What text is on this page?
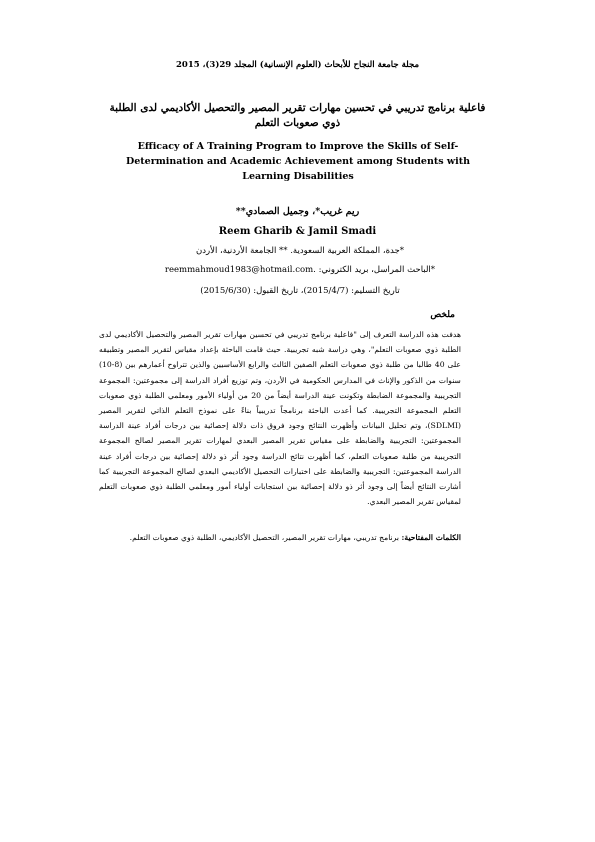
مجلة جامعة النجاح للأبحاث (العلوم الإنسانية) المجلد 29(3)، 2015
فاعلية برنامج تدريبي في تحسين مهارات تقرير المصير والتحصيل الأكاديمي لدى الطلبة ذوي صعوبات التعلم
Efficacy of A Training Program to Improve the Skills of Self-Determination and Academic Achievement among Students with Learning Disabilities
ريم غريب*، وجميل الصمادي**
Reem Gharib & Jamil Smadi
*جدة، المملكة العربية السعودية. ** الجامعة الأردنية، الأردن
*الباحث المراسل، بريد الكتروني: reemmahmoud1983@hotmail.com.
تاريخ التسليم: (2015/4/7)، تاريخ القبول: (2015/6/30)
ملخص
هدفت هذه الدراسة التعرف إلى "فاعلية برنامج تدريبي في تحسين مهارات تقرير المصير والتحصيل الأكاديمي لدى الطلبة ذوي صعوبات التعلم"، وهي دراسة شبه تجريبية. حيث قامت الباحثة بإعداد مقياس لتقرير المصير وتطبيقه على 40 طالبا من طلبة ذوي صعوبات التعلم الصفين الثالث والرابع الأساسيين والذين تتراوح أعمارهم بين (8-10) سنوات من الذكور والإناث في المدارس الحكومية في الأردن، وتم توزيع أفراد الدراسة إلى مجموعتين: المجموعة التجريبية والمجموعة الضابطة وتكونت عينة الدراسة أيضاً من 20 من أولياء الأمور ومعلمي الطلبة ذوي صعوبات التعلم المجموعة التجريبية. كما أعدت الباحثة برنامجاً تدريبياً بناءً على نموذج التعلم الذاتي لتقرير المصير (SDLMI)، وتم تحليل البيانات وأظهرت النتائج وجود فروق ذات دلالة إحصائية بين درجات أفراد عينة الدراسة المجموعتين: التجريبية والضابطة على مقياس تقرير المصير البعدي لمهارات تقرير المصير لصالح المجموعة التجريبية من طلبة صعوبات التعلم، كما أظهرت نتائج الدراسة وجود أثر ذو دلالة إحصائية بين درجات أفراد عينة الدراسة المجموعتين: التجريبية والضابطة على اختبارات التحصيل الأكاديمي البعدي لصالح المجموعة التجريبية كما أشارت النتائج أيضاً إلى وجود أثر ذو دلالة إحصائية بين استجابات أولياء أمور ومعلمي الطلبة ذوي صعوبات التعلم لمقياس تقرير المصير البعدي.
الكلمات المفتاحية: برنامج تدريبي، مهارات تقرير المصير، التحصيل الأكاديمي، الطلبة ذوي صعوبات التعلم.
